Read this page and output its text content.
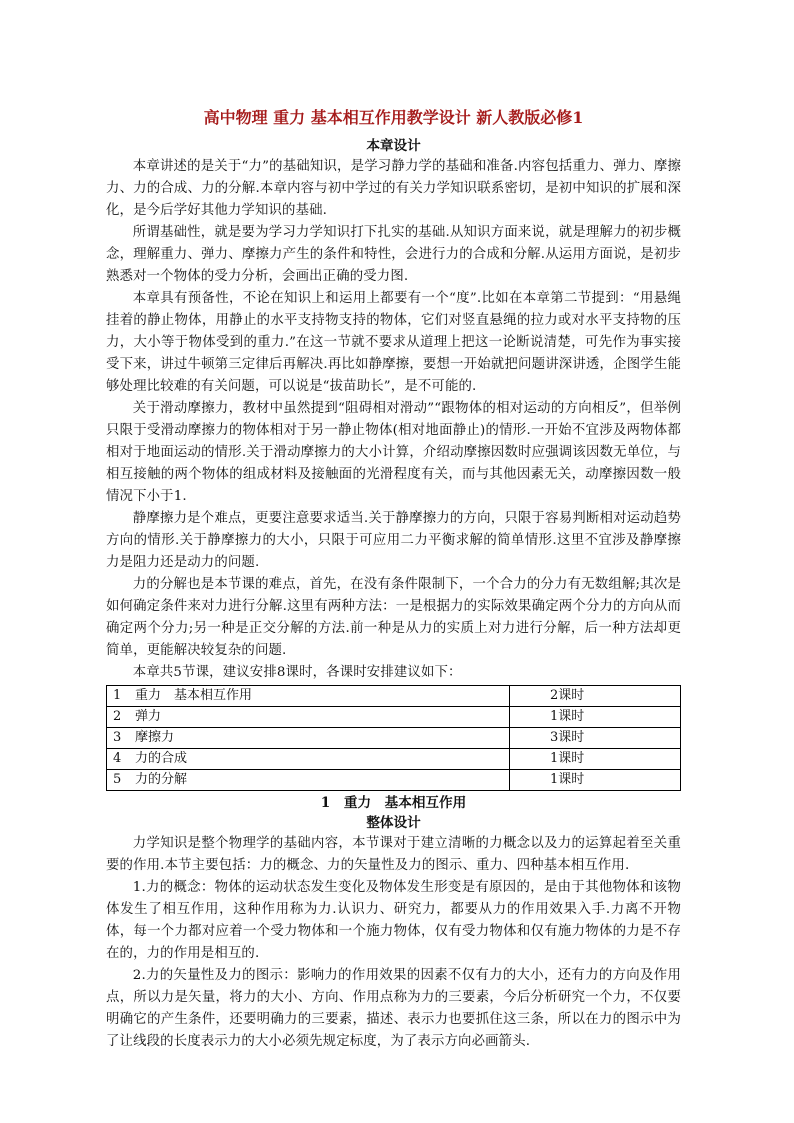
高中物理 重力 基本相互作用教学设计 新人教版必修1
本章设计

本章讲述的是关于“力”的基础知识，是学习静力学的基础和准备.内容包括重力、弹力、摩擦力、力的合成、力的分解.本章内容与初中学过的有关力学知识联系密切，是初中知识的扩展和深化，是今后学好其他力学知识的基础.

所谓基础性，就是要为学习力学知识打下扎实的基础.从知识方面来说，就是理解力的初步概念，理解重力、弹力、摩擦力产生的条件和特性，会进行力的合成和分解.从运用方面说，是初步熟悉对一个物体的受力分析，会画出正确的受力图.

本章具有预备性，不论在知识上和运用上都要有一个“度”.比如在本章第二节提到：“用悬绳挂着的静止物体，用静止的水平支持物支持的物体，它们对竖直悬绳的拉力或对水平支持物的压力，大小等于物体受到的重力.”在这一节就不要求从道理上把这一论断说清楚，可先作为事实接受下来，讲过牛顿第三定律后再解决.再比如静摩擦，要想一开始就把问题讲深讲透，企图学生能够处理比较难的有关问题，可以说是“拔苗助长”，是不可能的.

关于滑动摩擦力，教材中虽然提到“阻碍相对滑动”“跟物体的相对运动的方向相反”，但举例只限于受滑动摩擦力的物体相对于另一静止物体(相对地面静止)的情形.一开始不宜涉及两物体都相对于地面运动的情形.关于滑动摩擦力的大小计算，介绍动摩擦因数时应强调该因数无单位，与相互接触的两个物体的组成材料及接触面的光滑程度有关，而与其他因素无关，动摩擦因数一般情况下小于1.

静摩擦力是个难点，更要注意要求适当.关于静摩擦力的方向，只限于容易判断相对运动趋势方向的情形.关于静摩擦力的大小，只限于可应用二力平衡求解的简单情形.这里不宜涉及静摩擦力是阻力还是动力的问题.

力的分解也是本节课的难点，首先，在没有条件限制下，一个合力的分力有无数组解;其次是如何确定条件来对力进行分解.这里有两种方法：一是根据力的实际效果确定两个分力的方向从而确定两个分力;另一种是正交分解的方法.前一种是从力的实质上对力进行分解，后一种方法却更简单，更能解决较复杂的问题.

本章共5节课，建议安排8课时，各课时安排建议如下：

1 重力　基本相互作用	2课时
2 弹力	1课时
3 摩擦力	3课时
4 力的合成	1课时
5 力的分解	1课时
1　重力　基本相互作用
整体设计

力学知识是整个物理学的基础内容，本节课对于建立清晰的力概念以及力的运算起着至关重要的作用.本节主要包括：力的概念、力的矢量性及力的图示、重力、四种基本相互作用.

1.力的概念：物体的运动状态发生变化及物体发生形变是有原因的，是由于其他物体和该物体发生了相互作用，这种作用称为力.认识力、研究力，都要从力的作用效果入手.力离不开物体，每一个力都对应着一个受力物体和一个施力物体，仅有受力物体和仅有施力物体的力是不存在的，力的作用是相互的.

2.力的矢量性及力的图示：影响力的作用效果的因素不仅有力的大小，还有力的方向及作用点，所以力是矢量，将力的大小、方向、作用点称为力的三要素，今后分析研究一个力，不仅要明确它的产生条件，还要明确力的三要素，描述、表示力也要抓住这三条，所以在力的图示中为了让线段的长度表示力的大小必须先规定标度，为了表示方向必画箭头.
